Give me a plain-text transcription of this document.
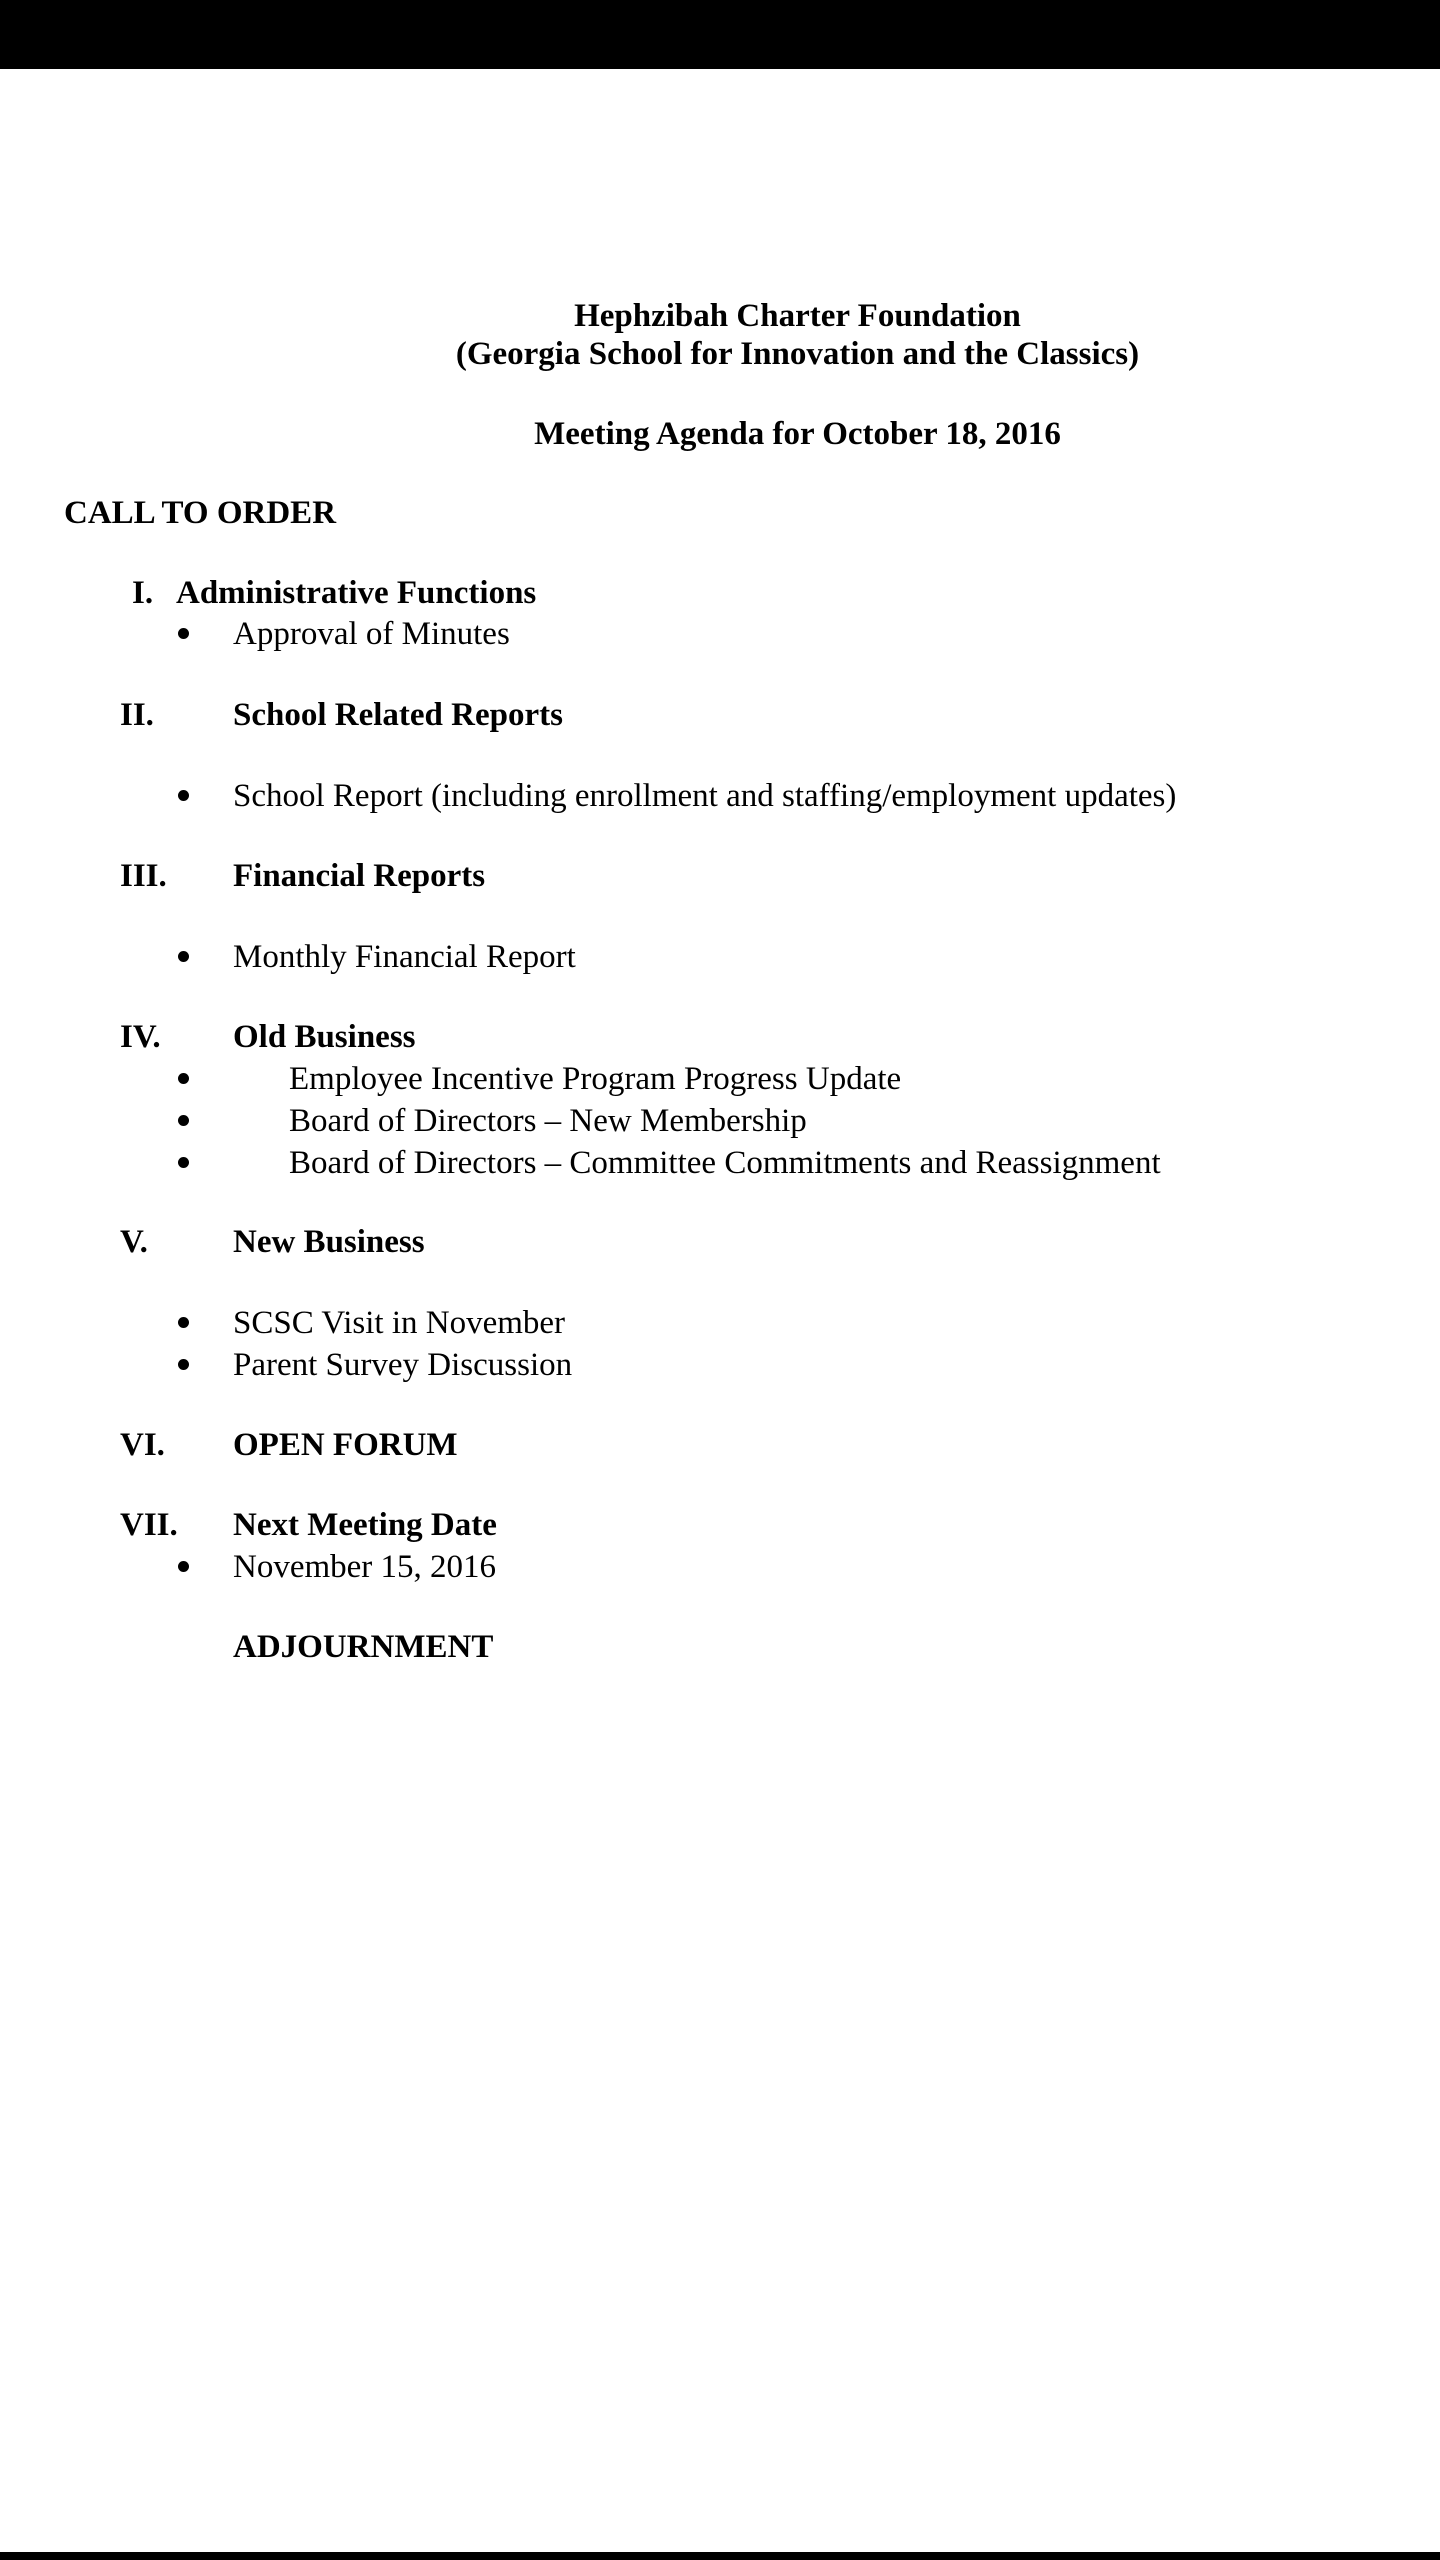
Hephzibah Charter Foundation
(Georgia School for Innovation and the Classics)
Meeting Agenda for October 18, 2016
CALL TO ORDER
I. Administrative Functions
Approval of Minutes
II. School Related Reports
School Report (including enrollment and staffing/employment updates)
III. Financial Reports
Monthly Financial Report
IV. Old Business
Employee Incentive Program Progress Update
Board of Directors – New Membership
Board of Directors – Committee Commitments and Reassignment
V.	New Business
SCSC Visit in November
Parent Survey Discussion
VI. OPEN FORUM
VII. Next Meeting Date
November 15, 2016
ADJOURNMENT
